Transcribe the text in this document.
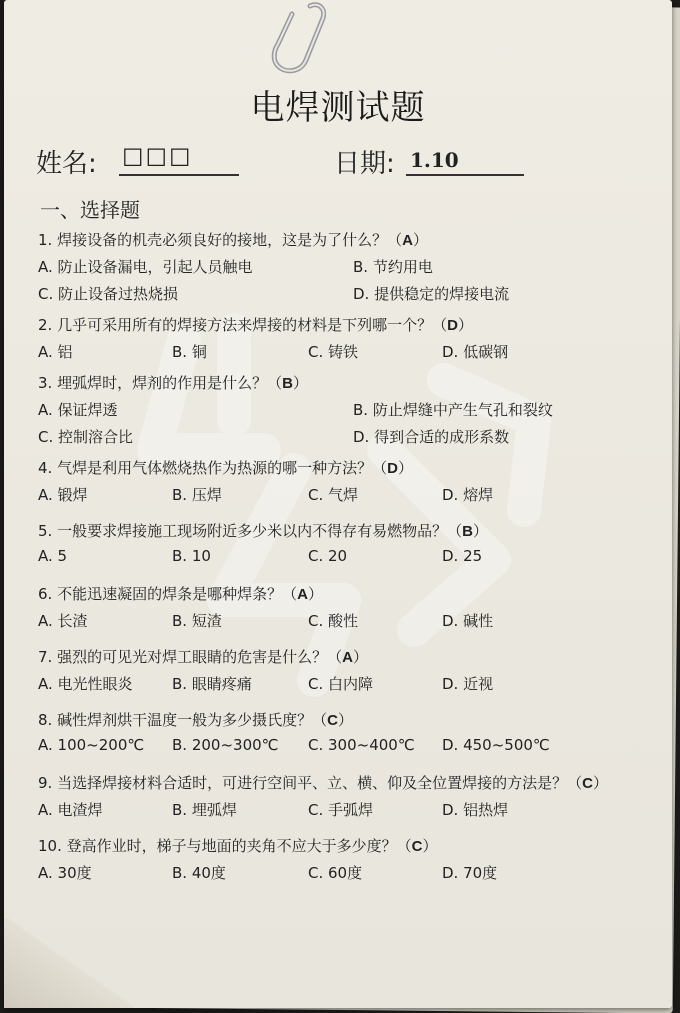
电焊测试题
姓名: ☐☐☐	日期: 1.10
一、选择题
1. 焊接设备的机壳必须良好的接地，这是为了什么？（A）
A. 防止设备漏电，引起人员触电	B. 节约用电
C. 防止设备过热烧损	D. 提供稳定的焊接电流
2. 几乎可采用所有的焊接方法来焊接的材料是下列哪一个？（D）
A. 铝	B. 铜	C. 铸铁	D. 低碳钢
3. 埋弧焊时，焊剂的作用是什么？（B）
A. 保证焊透	B. 防止焊缝中产生气孔和裂纹
C. 控制溶合比	D. 得到合适的成形系数
4. 气焊是利用气体燃烧热作为热源的哪一种方法？（D）
A. 锻焊	B. 压焊	C. 气焊	D. 熔焊
5. 一般要求焊接施工现场附近多少米以内不得存有易燃物品？（B）
A. 5	B. 10	C. 20	D. 25
6. 不能迅速凝固的焊条是哪种焊条？（A）
A. 长渣	B. 短渣	C. 酸性	D. 碱性
7. 强烈的可见光对焊工眼睛的危害是什么？（A）
A. 电光性眼炎	B. 眼睛疼痛	C. 白内障	D. 近视
8. 碱性焊剂烘干温度一般为多少摄氏度？（C）
A. 100~200℃ B. 200~300℃ C. 300~400℃ D. 450~500℃
9. 当选择焊接材料合适时，可进行空间平、立、横、仰及全位置焊接的方法是？（C）
A. 电渣焊	B. 埋弧焊	C. 手弧焊	D. 铝热焊
10. 登高作业时，梯子与地面的夹角不应大于多少度？（C）
A. 30度	B. 40度	C. 60度	D. 70度
